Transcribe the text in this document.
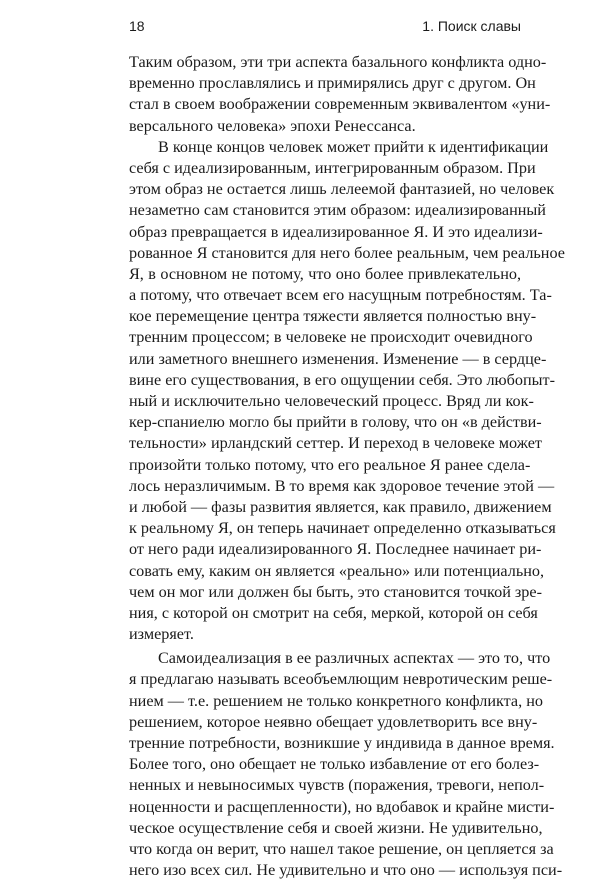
18	1. Поиск славы
Таким образом, эти три аспекта базального конфликта одно-
временно прославлялись и примирялись друг с другом. Он
стал в своем воображении современным эквивалентом «уни-
версального человека» эпохи Ренессанса.
В конце концов человек может прийти к идентификации
себя с идеализированным, интегрированным образом. При
этом образ не остается лишь лелеемой фантазией, но человек
незаметно сам становится этим образом: идеализированный
образ превращается в идеализированное Я. И это идеализи-
рованное Я становится для него более реальным, чем реальное
Я, в основном не потому, что оно более привлекательно,
а потому, что отвечает всем его насущным потребностям. Та-
кое перемещение центра тяжести является полностью вну-
тренним процессом; в человеке не происходит очевидного
или заметного внешнего изменения. Изменение — в сердце-
вине его существования, в его ощущении себя. Это любопыт-
ный и исключительно человеческий процесс. Вряд ли кок-
кер-спаниелю могло бы прийти в голову, что он «в действи-
тельности» ирландский сеттер. И переход в человеке может
произойти только потому, что его реальное Я ранее сдела-
лось неразличимым. В то время как здоровое течение этой —
и любой — фазы развития является, как правило, движением
к реальному Я, он теперь начинает определенно отказываться
от него ради идеализированного Я. Последнее начинает ри-
совать ему, каким он является «реально» или потенциально,
чем он мог или должен бы быть, это становится точкой зре-
ния, с которой он смотрит на себя, меркой, которой он себя
измеряет.
Самоидеализация в ее различных аспектах — это то, что
я предлагаю называть всеобъемлющим невротическим реше-
нием — т.е. решением не только конкретного конфликта, но
решением, которое неявно обещает удовлетворить все вну-
тренние потребности, возникшие у индивида в данное время.
Более того, оно обещает не только избавление от его болез-
ненных и невыносимых чувств (поражения, тревоги, непол-
ноценности и расщепленности), но вдобавок и крайне мисти-
ческое осуществление себя и своей жизни. Не удивительно,
что когда он верит, что нашел такое решение, он цепляется за
него изо всех сил. Не удивительно и что оно — используя пси-
